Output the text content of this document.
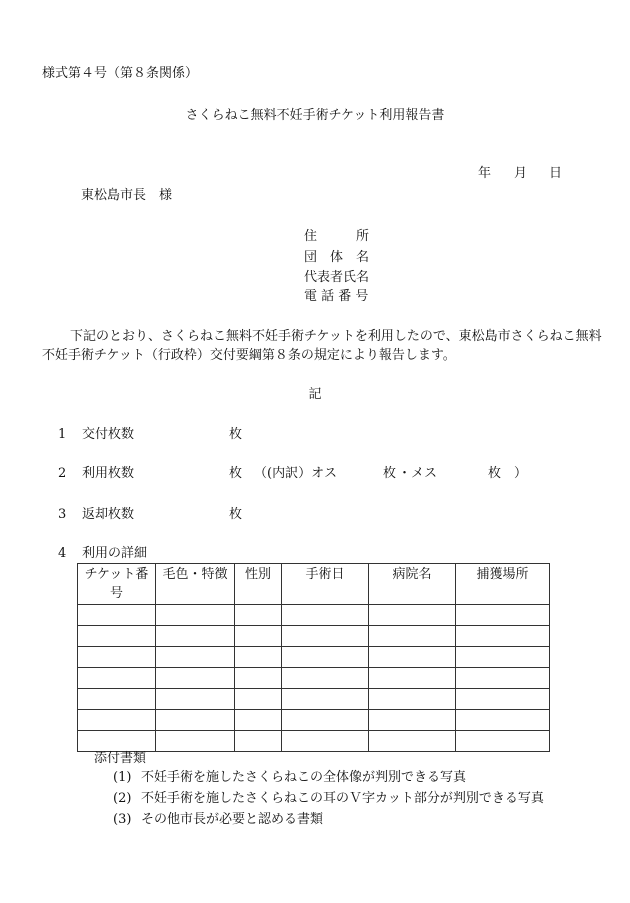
様式第４号（第８条関係）
さくらねこ無料不妊手術チケット利用報告書
年 月 日
東松島市長　様
住　　　所
団　体　名
代表者氏名
電 話 番 号
下記のとおり、さくらねこ無料不妊手術チケットを利用したので、東松島市さくらねこ無料不妊手術チケット（行政枠）交付要綱第８条の規定により報告します。
記
1 交付枚数	枚
2 利用枚数	枚 （(内訳）オス	枚 ・メス	枚 ）
3 返却枚数	枚
4 利用の詳細
チケット番号	毛色・特徴	性別	手術日	病院名	捕獲場所

添付書類
(1) 不妊手術を施したさくらねこの全体像が判別できる写真
(2) 不妊手術を施したさくらねこの耳のＶ字カット部分が判別できる写真
(3) その他市長が必要と認める書類
